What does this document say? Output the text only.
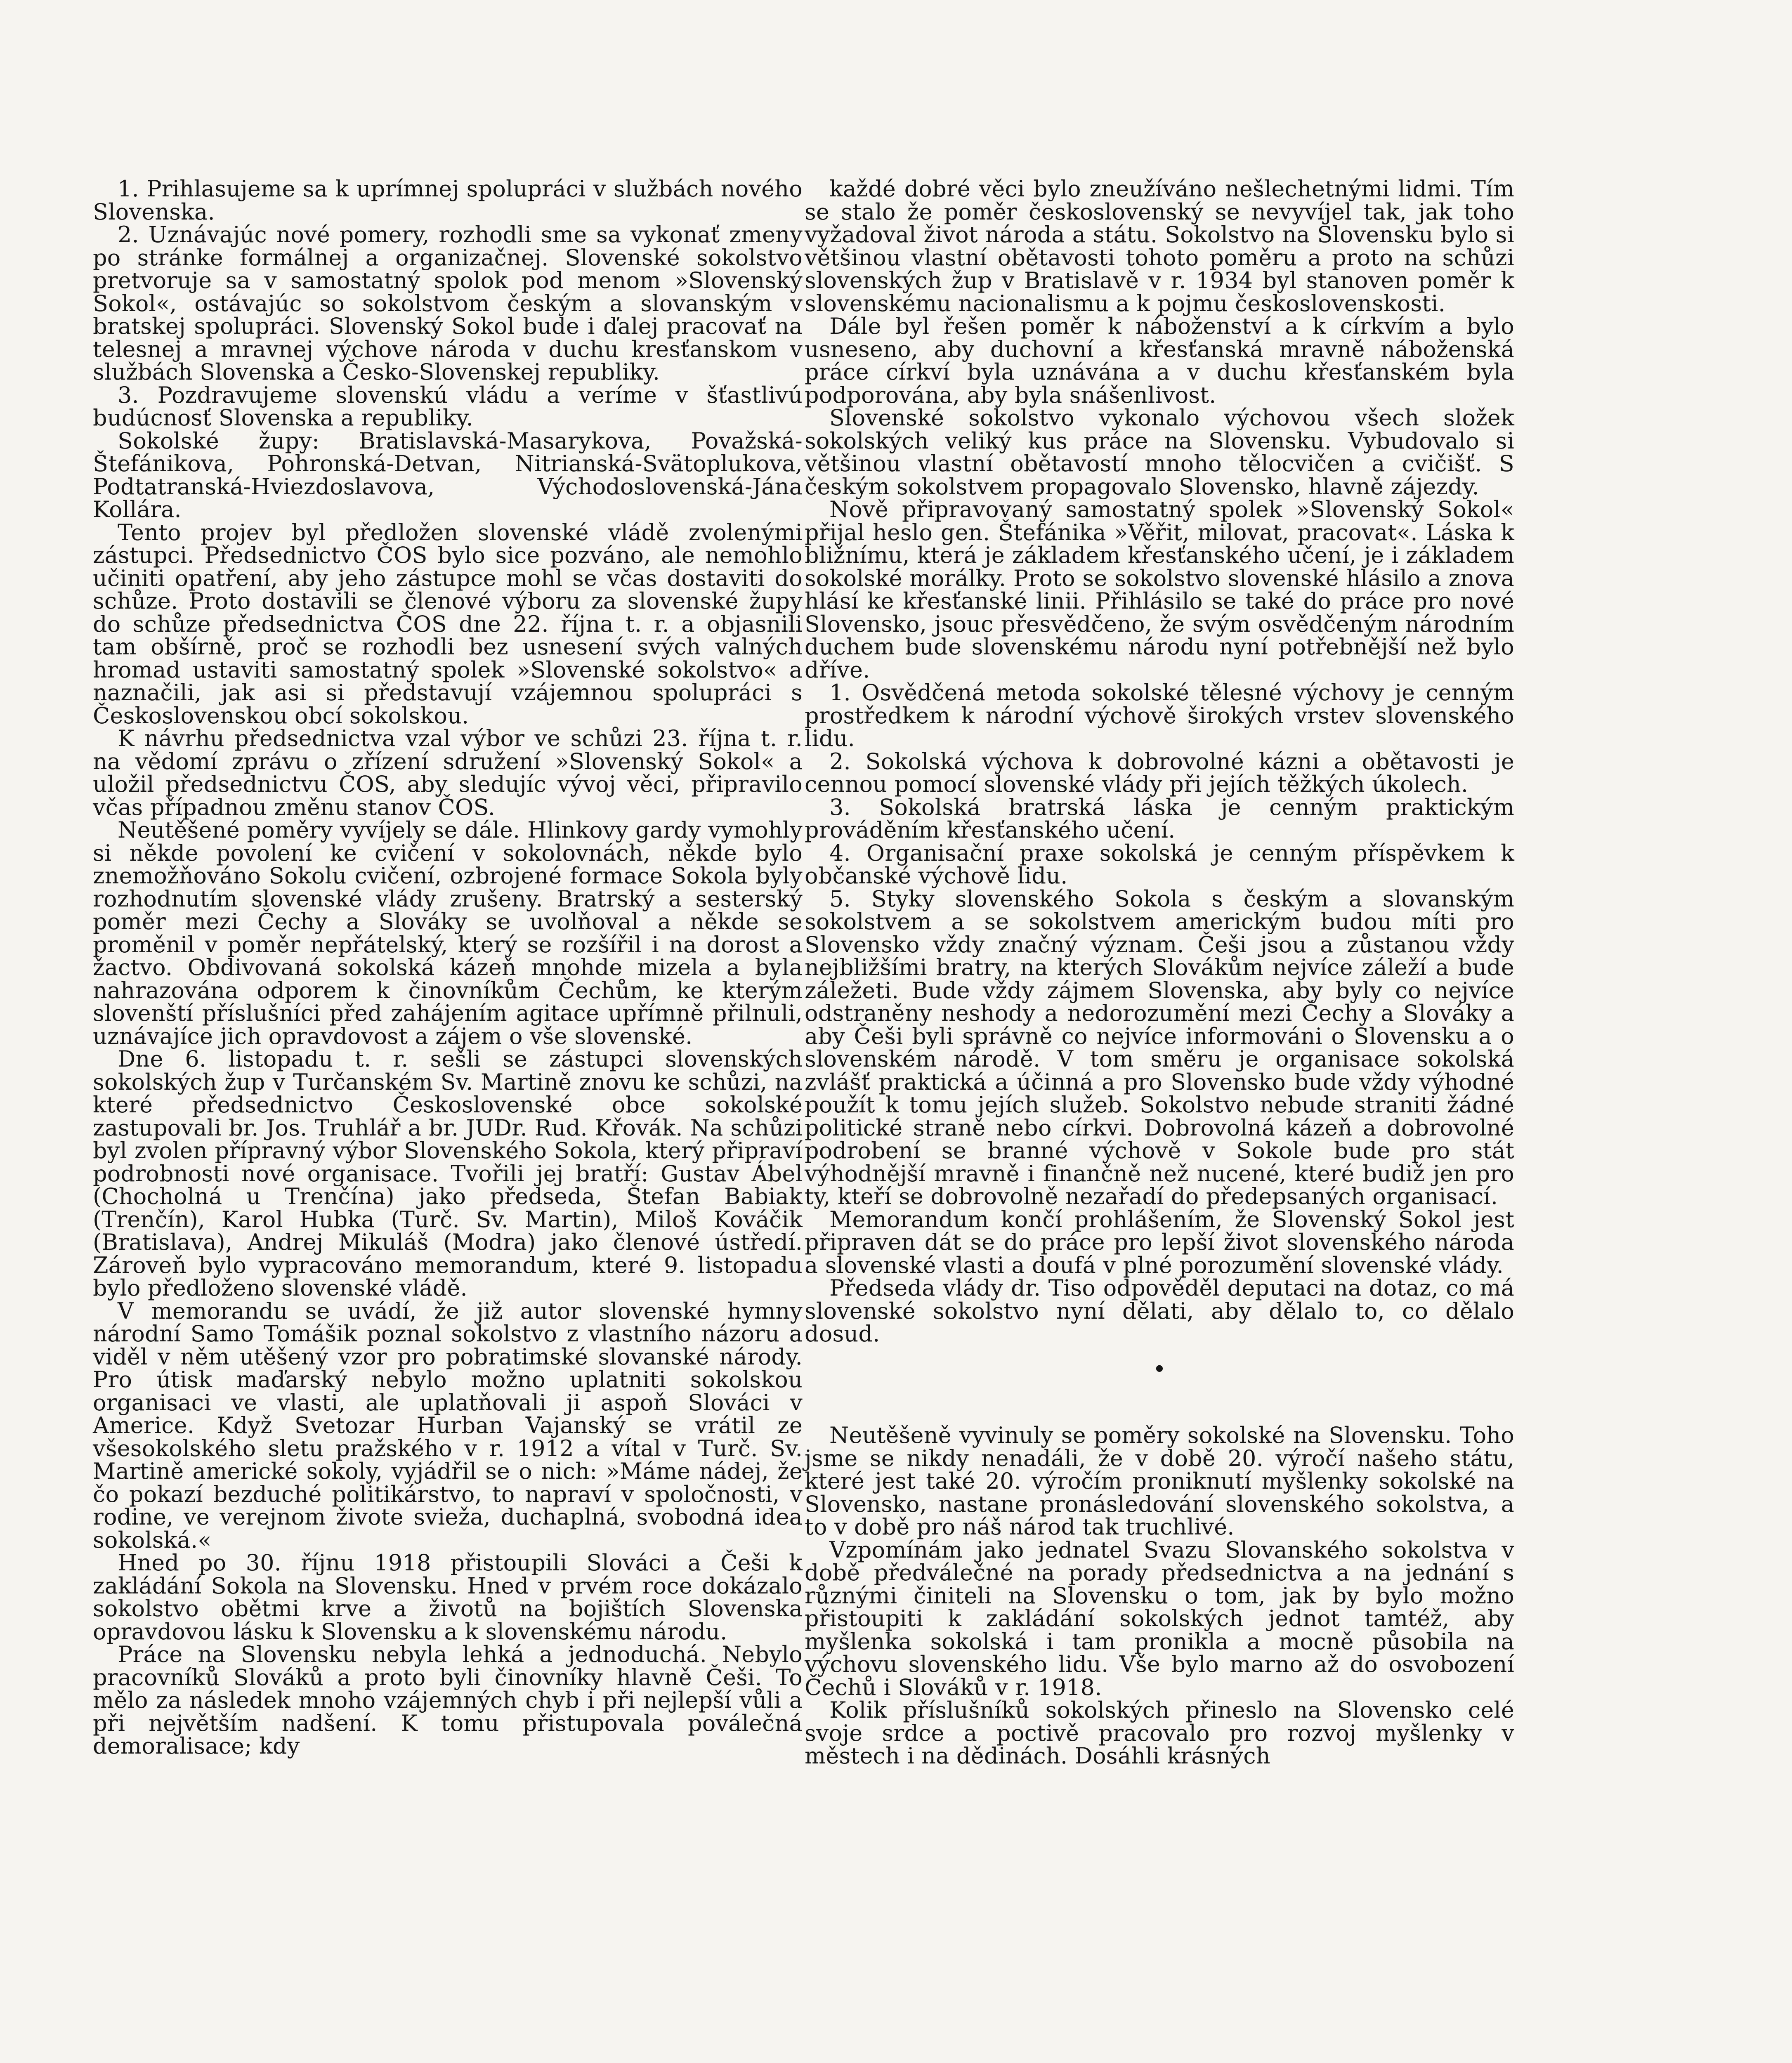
1. Prihlasujeme sa k uprímnej spolupráci v službách nového Slovenska.

2. Uznávajúc nové pomery, rozhodli sme sa vykonať zmeny po stránke formálnej a organizačnej. Slovenské sokolstvo pretvoruje sa v samostatný spolok pod menom »Slovenský Sokol«, ostávajúc so sokolstvom českým a slovanským v bratskej spolupráci. Slovenský Sokol bude i ďalej pracovať na telesnej a mravnej výchove národa v duchu kresťanskom v službách Slovenska a Česko-Slovenskej republiky.

3. Pozdravujeme slovenskú vládu a veríme v šťastlivú budúcnosť Slovenska a republiky.

Sokolské župy: Bratislavská-Masarykova, Považská-Štefánikova, Pohronská-Detvan, Nitrianská-Svätoplukova, Podtatranská-Hviezdoslavova, Východoslovenská-Jána Kollára.

Tento projev byl předložen slovenské vládě zvolenými zástupci. Předsednictvo ČOS bylo sice pozváno, ale nemohlo učiniti opatření, aby jeho zástupce mohl se včas dostaviti do schůze. Proto dostavili se členové výboru za slovenské župy do schůze předsednictva ČOS dne 22. října t. r. a objasnili tam obšírně, proč se rozhodli bez usnesení svých valných hromad ustaviti samostatný spolek »Slovenské sokolstvo« a naznačili, jak asi si představují vzájemnou spolupráci s Československou obcí sokolskou.

K návrhu předsednictva vzal výbor ve schůzi 23. října t. r. na vědomí zprávu o zřízení sdružení »Slovenský Sokol« a uložil předsednictvu ČOS, aby sledujíc vývoj věci, připravilo včas případnou změnu stanov ČOS.

Neutěšené poměry vyvíjely se dále. Hlinkovy gardy vymohly si někde povolení ke cvičení v sokolovnách, někde bylo znemožňováno Sokolu cvičení, ozbrojené formace Sokola byly rozhodnutím slovenské vlády zrušeny. Bratrský a sesterský poměr mezi Čechy a Slováky se uvolňoval a někde se proměnil v poměr nepřátelský, který se rozšířil i na dorost a žactvo. Obdivovaná sokolská kázeň mnohde mizela a byla nahrazována odporem k činovníkům Čechům, ke kterým slovenští příslušníci před zahájením agitace upřímně přilnuli, uznávajíce jich opravdovost a zájem o vše slovenské.

Dne 6. listopadu t. r. sešli se zástupci slovenských sokolských žup v Turčanském Sv. Martině znovu ke schůzi, na které předsednictvo Československé obce sokolské zastupovali br. Jos. Truhlář a br. JUDr. Rud. Křovák. Na schůzi byl zvolen přípravný výbor Slovenského Sokola, který připraví podrobnosti nové organisace. Tvořili jej bratří: Gustav Ábel (Chocholná u Trenčína) jako předseda, Štefan Babiak (Trenčín), Karol Hubka (Turč. Sv. Martin), Miloš Kováčik (Bratislava), Andrej Mikuláš (Modra) jako členové ústředí. Zároveň bylo vypracováno memorandum, které 9. listopadu bylo předloženo slovenské vládě.

V memorandu se uvádí, že již autor slovenské hymny národní Samo Tomášik poznal sokolstvo z vlastního názoru a viděl v něm utěšený vzor pro pobratimské slovanské národy. Pro útisk maďarský nebylo možno uplatniti sokolskou organisaci ve vlasti, ale uplatňovali ji aspoň Slováci v Americe. Když Svetozar Hurban Vajanský se vrátil ze všesokolského sletu pražského v r. 1912 a vítal v Turč. Sv. Martině americké sokoly, vyjádřil se o nich: »Máme nádej, že čo pokazí bezduché politikárstvo, to napraví v spoločnosti, v rodine, ve verejnom živote svieža, duchaplná, svobodná idea sokolská.«

Hned po 30. říjnu 1918 přistoupili Slováci a Češi k zakládání Sokola na Slovensku. Hned v prvém roce dokázalo sokolstvo obětmi krve a životů na bojištích Slovenska opravdovou lásku k Slovensku a k slovenskému národu.

Práce na Slovensku nebyla lehká a jednoduchá. Nebylo pracovníků Slováků a proto byli činovníky hlavně Češi. To mělo za následek mnoho vzájemných chyb i při nejlepší vůli a při největším nadšení. K tomu přistupovala poválečná demoralisace; kdy

každé dobré věci bylo zneužíváno nešlechetnými lidmi. Tím se stalo že poměr československý se nevyvíjel tak, jak toho vyžadoval život národa a státu. Sokolstvo na Slovensku bylo si většinou vlastní obětavosti tohoto poměru a proto na schůzi slovenských žup v Bratislavě v r. 1934 byl stanoven poměr k slovenskému nacionalismu a k pojmu československosti.

Dále byl řešen poměr k náboženství a k církvím a bylo usneseno, aby duchovní a křesťanská mravně náboženská práce církví byla uznávána a v duchu křesťanském byla podporována, aby byla snášenlivost.

Slovenské sokolstvo vykonalo výchovou všech složek sokolských veliký kus práce na Slovensku. Vybudovalo si většinou vlastní obětavostí mnoho tělocvičen a cvičišť. S českým sokolstvem propagovalo Slovensko, hlavně zájezdy.

Nově připravovaný samostatný spolek »Slovenský Sokol« přijal heslo gen. Štefánika »Věřit, milovat, pracovat«. Láska k bližnímu, která je základem křesťanského učení, je i základem sokolské morálky. Proto se sokolstvo slovenské hlásilo a znova hlásí ke křesťanské linii. Přihlásilo se také do práce pro nové Slovensko, jsouc přesvědčeno, že svým osvědčeným národním duchem bude slovenskému národu nyní potřebnější než bylo dříve.

1. Osvědčená metoda sokolské tělesné výchovy je cenným prostředkem k národní výchově širokých vrstev slovenského lidu.

2. Sokolská výchova k dobrovolné kázni a obětavosti je cennou pomocí slovenské vlády při jejích těžkých úkolech.

3. Sokolská bratrská láska je cenným praktickým prováděním křesťanského učení.

4. Organisační praxe sokolská je cenným příspěvkem k občanské výchově lidu.

5. Styky slovenského Sokola s českým a slovanským sokolstvem a se sokolstvem americkým budou míti pro Slovensko vždy značný význam. Češi jsou a zůstanou vždy nejbližšími bratry, na kterých Slovákům nejvíce záleží a bude záležeti. Bude vždy zájmem Slovenska, aby byly co nejvíce odstraněny neshody a nedorozumění mezi Čechy a Slováky a aby Češi byli správně co nejvíce informováni o Slovensku a o slovenském národě. V tom směru je organisace sokolská zvlášť praktická a účinná a pro Slovensko bude vždy výhodné použít k tomu jejích služeb. Sokolstvo nebude straniti žádné politické straně nebo církvi. Dobrovolná kázeň a dobrovolné podrobení se branné výchově v Sokole bude pro stát výhodnější mravně i finančně než nucené, které budiž jen pro ty, kteří se dobrovolně nezařadí do předepsaných organisací.

Memorandum končí prohlášením, že Slovenský Sokol jest připraven dát se do práce pro lepší život slovenského národa a slovenské vlasti a doufá v plné porozumění slovenské vlády.

Předseda vlády dr. Tiso odpověděl deputaci na dotaz, co má slovenské sokolstvo nyní dělati, aby dělalo to, co dělalo dosud.

•

Neutěšeně vyvinuly se poměry sokolské na Slovensku. Toho jsme se nikdy nenadáli, že v době 20. výročí našeho státu, které jest také 20. výročím proniknutí myšlenky sokolské na Slovensko, nastane pronásledování slovenského sokolstva, a to v době pro náš národ tak truchlivé.

Vzpomínám jako jednatel Svazu Slovanského sokolstva v době předválečné na porady předsednictva a na jednání s různými činiteli na Slovensku o tom, jak by bylo možno přistoupiti k zakládání sokolských jednot tamtéž, aby myšlenka sokolská i tam pronikla a mocně působila na výchovu slovenského lidu. Vše bylo marno až do osvobození Čechů i Slováků v r. 1918.

Kolik příslušníků sokolských přineslo na Slovensko celé svoje srdce a poctivě pracovalo pro rozvoj myšlenky v městech i na dědinách. Dosáhli krásných
